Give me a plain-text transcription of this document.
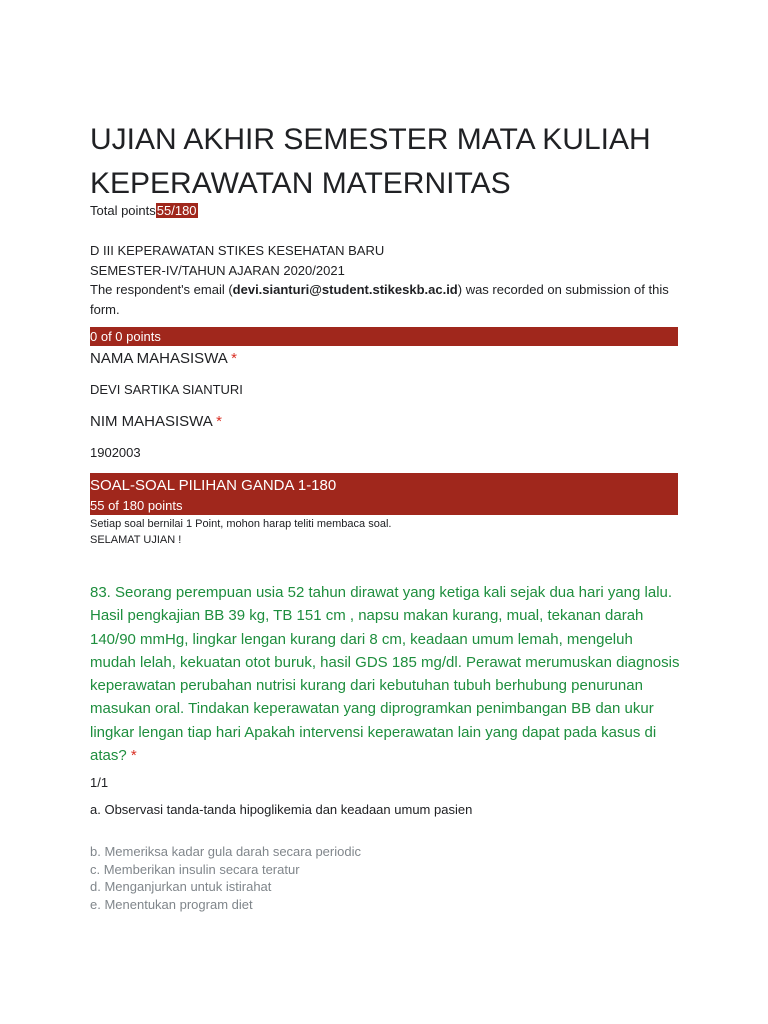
UJIAN AKHIR SEMESTER MATA KULIAH KEPERAWATAN MATERNITAS
Total points55/180
D III KEPERAWATAN STIKES KESEHATAN BARU
SEMESTER-IV/TAHUN AJARAN 2020/2021
The respondent's email (devi.sianturi@student.stikeskb.ac.id) was recorded on submission of this form.
0 of 0 points
NAMA MAHASISWA *
DEVI SARTIKA SIANTURI
NIM MAHASISWA *
1902003
SOAL-SOAL PILIHAN GANDA 1-180
55 of 180 points
Setiap soal bernilai 1 Point, mohon harap teliti membaca soal.
SELAMAT UJIAN !
83. Seorang perempuan usia 52 tahun dirawat yang ketiga kali sejak dua hari yang lalu. Hasil pengkajian BB 39 kg, TB 151 cm , napsu makan kurang, mual, tekanan darah 140/90 mmHg, lingkar lengan kurang dari 8 cm, keadaan umum lemah, mengeluh mudah lelah, kekuatan otot buruk, hasil GDS 185 mg/dl. Perawat merumuskan diagnosis keperawatan perubahan nutrisi kurang dari kebutuhan tubuh berhubung penurunan masukan oral. Tindakan keperawatan yang diprogramkan penimbangan BB dan ukur lingkar lengan tiap hari Apakah intervensi keperawatan lain yang dapat pada kasus di atas? *
1/1
a. Observasi tanda-tanda hipoglikemia dan keadaan umum pasien
b. Memeriksa kadar gula darah secara periodic
c. Memberikan insulin secara teratur
d. Menganjurkan untuk istirahat
e. Menentukan program diet
